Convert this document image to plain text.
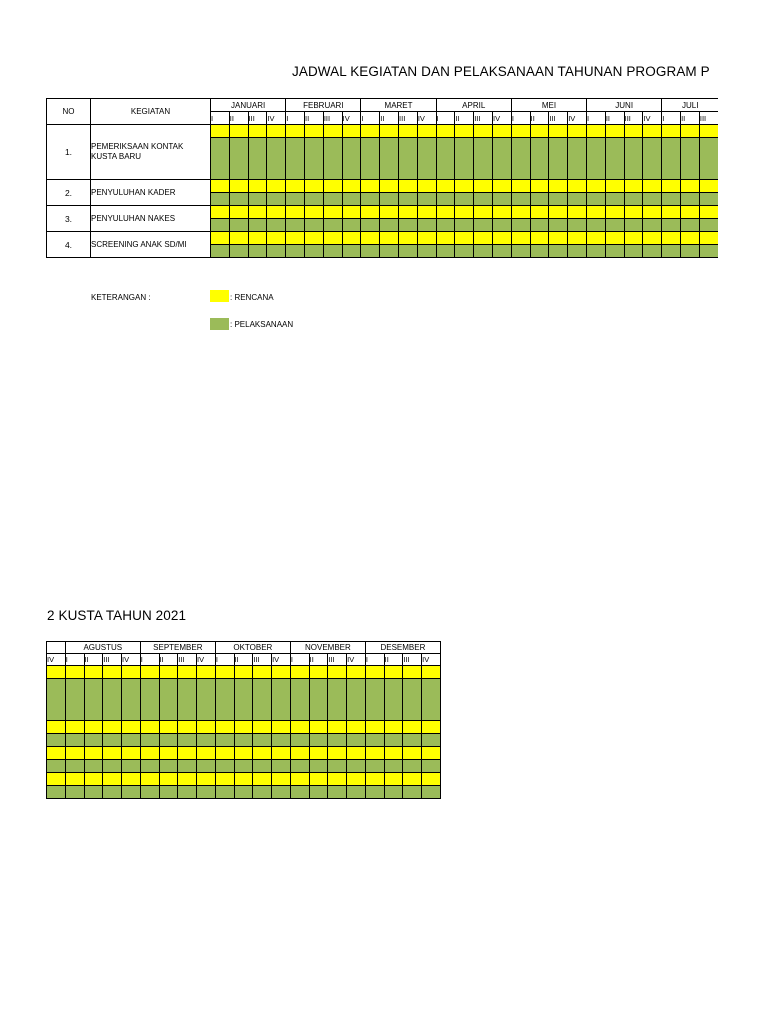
JADWAL KEGIATAN DAN PELAKSANAAN TAHUNAN PROGRAM P
NO	KEGIATAN	JANUARI				FEBRUARI				MARET				APRIL				MEI				JUNI				JULI		
		I	II	III	IV	I	II	III	IV	I	II	III	IV	I	II	III	IV	I	II	III	IV	I	II	III	IV	I	II	III
1.	PEMERIKSAAN KONTAK KUSTA BARU																											

2.	PENYULUHAN KADER																											

3.	PENYULUHAN NAKES																											

4.	SCREENING ANAK SD/MI																											

KETERANGAN :	: RENCANA
: PELAKSANAAN
2 KUSTA TAHUN 2021
	AGUSTUS				SEPTEMBER				OKTOBER				NOVEMBER				DESEMBER			
IV	I	II	III	IV	I	II	III	IV	I	II	III	IV	I	II	III	IV	I	II	III	IV
